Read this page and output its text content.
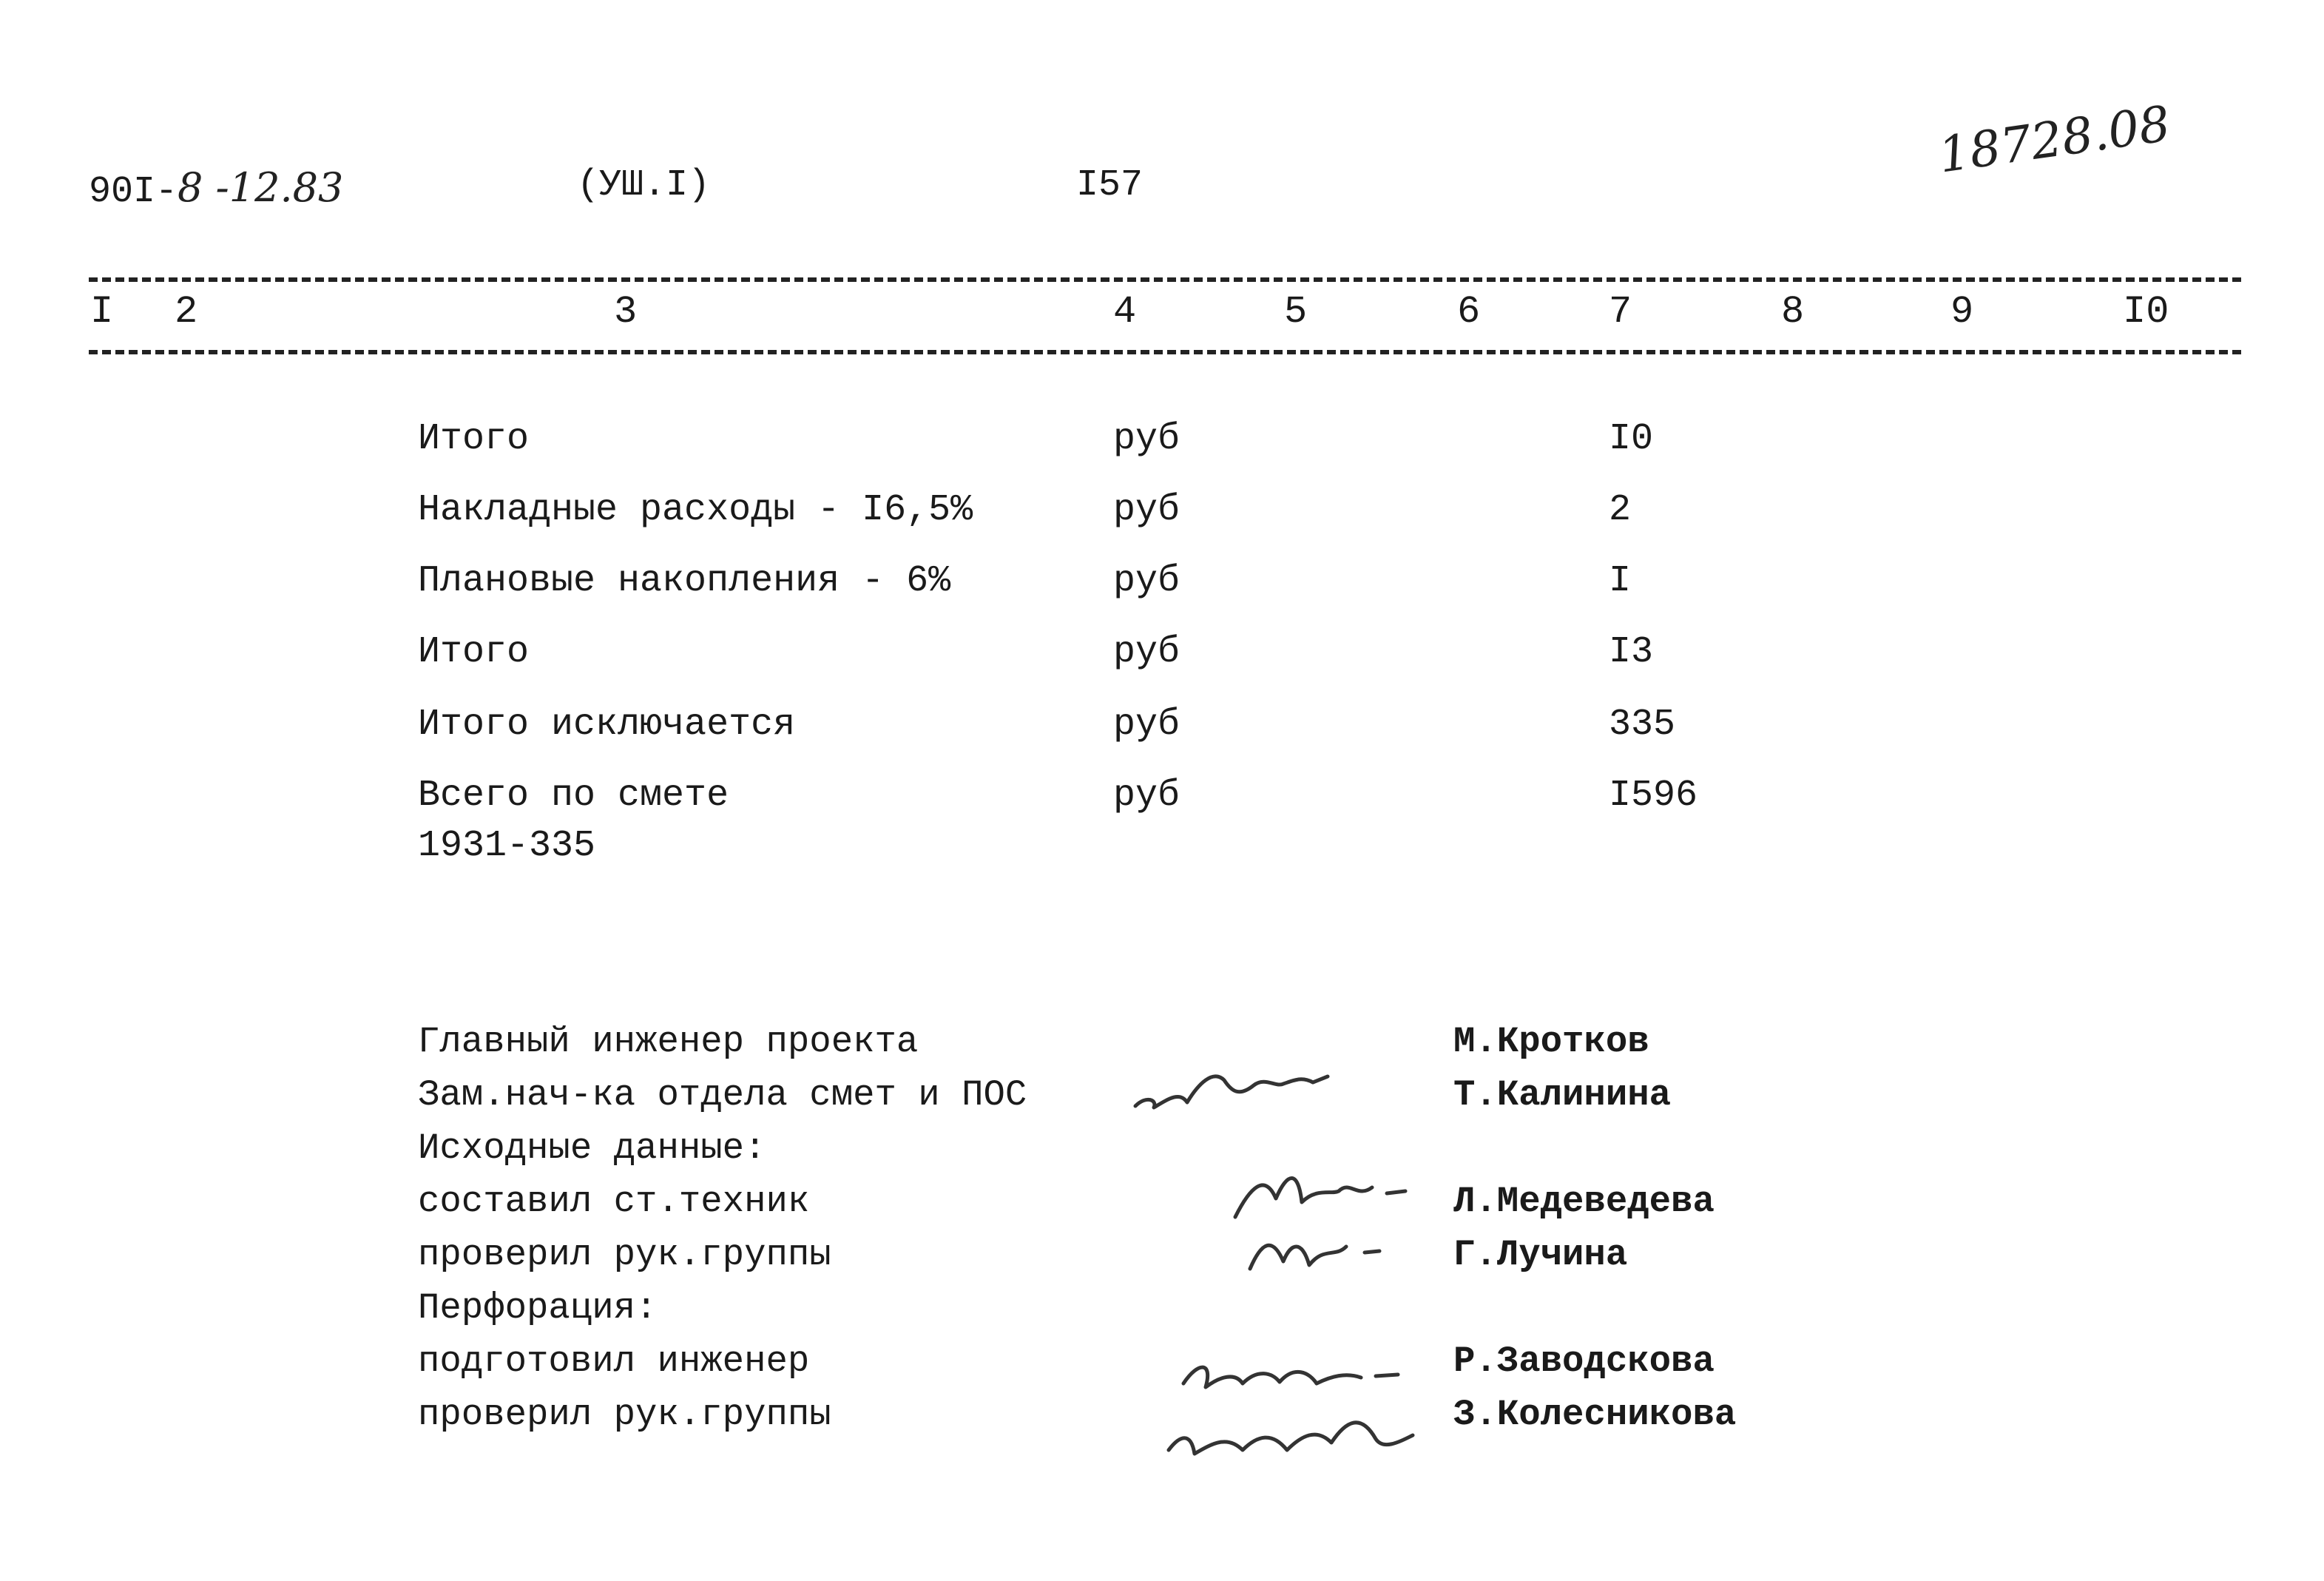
90I-8 -12.83	(УШ.I)	I57
18728.08
I 2	3	4	5	6	7	8	9	I0
Итого	руб	I0
Накладные расходы - I6,5%	руб	2
Плановые накопления - 6%	руб	I
Итого	руб	I3
Итого исключается	руб	335
Всего по смете	руб	I596
1931-335
Главный инженер проекта	М.Кротков
Зам.нач-ка отдела смет и ПОС	Т.Калинина
Исходные данные:
составил ст.техник	Л.Медеведева
проверил рук.группы	Г.Лучина
Перфорация:
подготовил инженер	Р.Заводскова
проверил рук.группы	З.Колесникова
